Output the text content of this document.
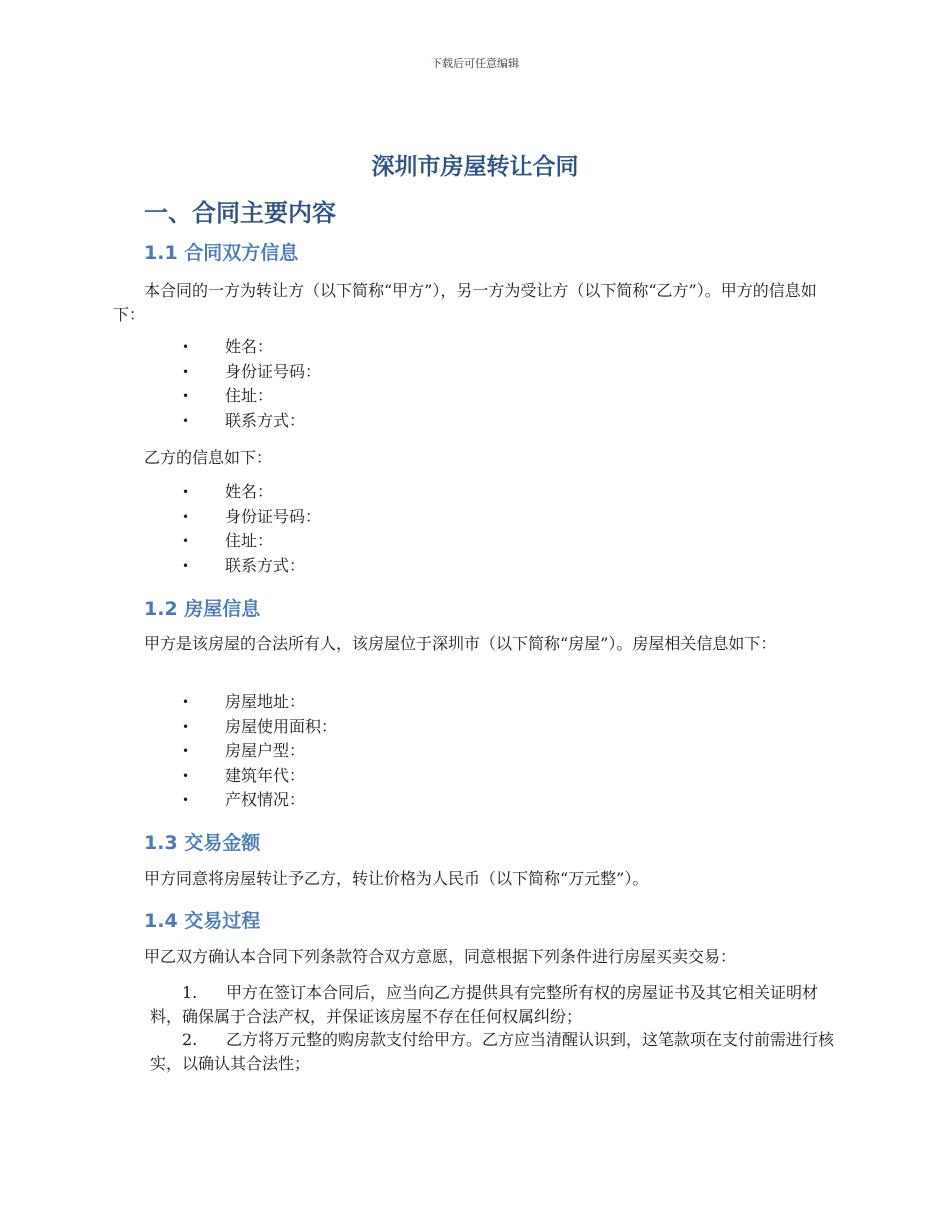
下载后可任意编辑
深圳市房屋转让合同
一、合同主要内容
1.1 合同双方信息

本合同的一方为转让方（以下简称“甲方”），另一方为受让方（以下简称“乙方”）。甲方的信息如下：

• 姓名：
• 身份证号码：
• 住址：
• 联系方式：

乙方的信息如下：

• 姓名：
• 身份证号码：
• 住址：
• 联系方式：
1.2 房屋信息

甲方是该房屋的合法所有人，该房屋位于深圳市（以下简称“房屋”）。房屋相关信息如下：

• 房屋地址：
• 房屋使用面积：
• 房屋户型：
• 建筑年代：
• 产权情况：
1.3 交易金额

甲方同意将房屋转让予乙方，转让价格为人民币（以下简称“万元整”）。

1.4 交易过程

甲乙双方确认本合同下列条款符合双方意愿，同意根据下列条件进行房屋买卖交易：

1. 甲方在签订本合同后，应当向乙方提供具有完整所有权的房屋证书及其它相关证明材料，确保属于合法产权，并保证该房屋不存在任何权属纠纷；

2. 乙方将万元整的购房款支付给甲方。乙方应当清醒认识到，这笔款项在支付前需进行核实，以确认其合法性；
